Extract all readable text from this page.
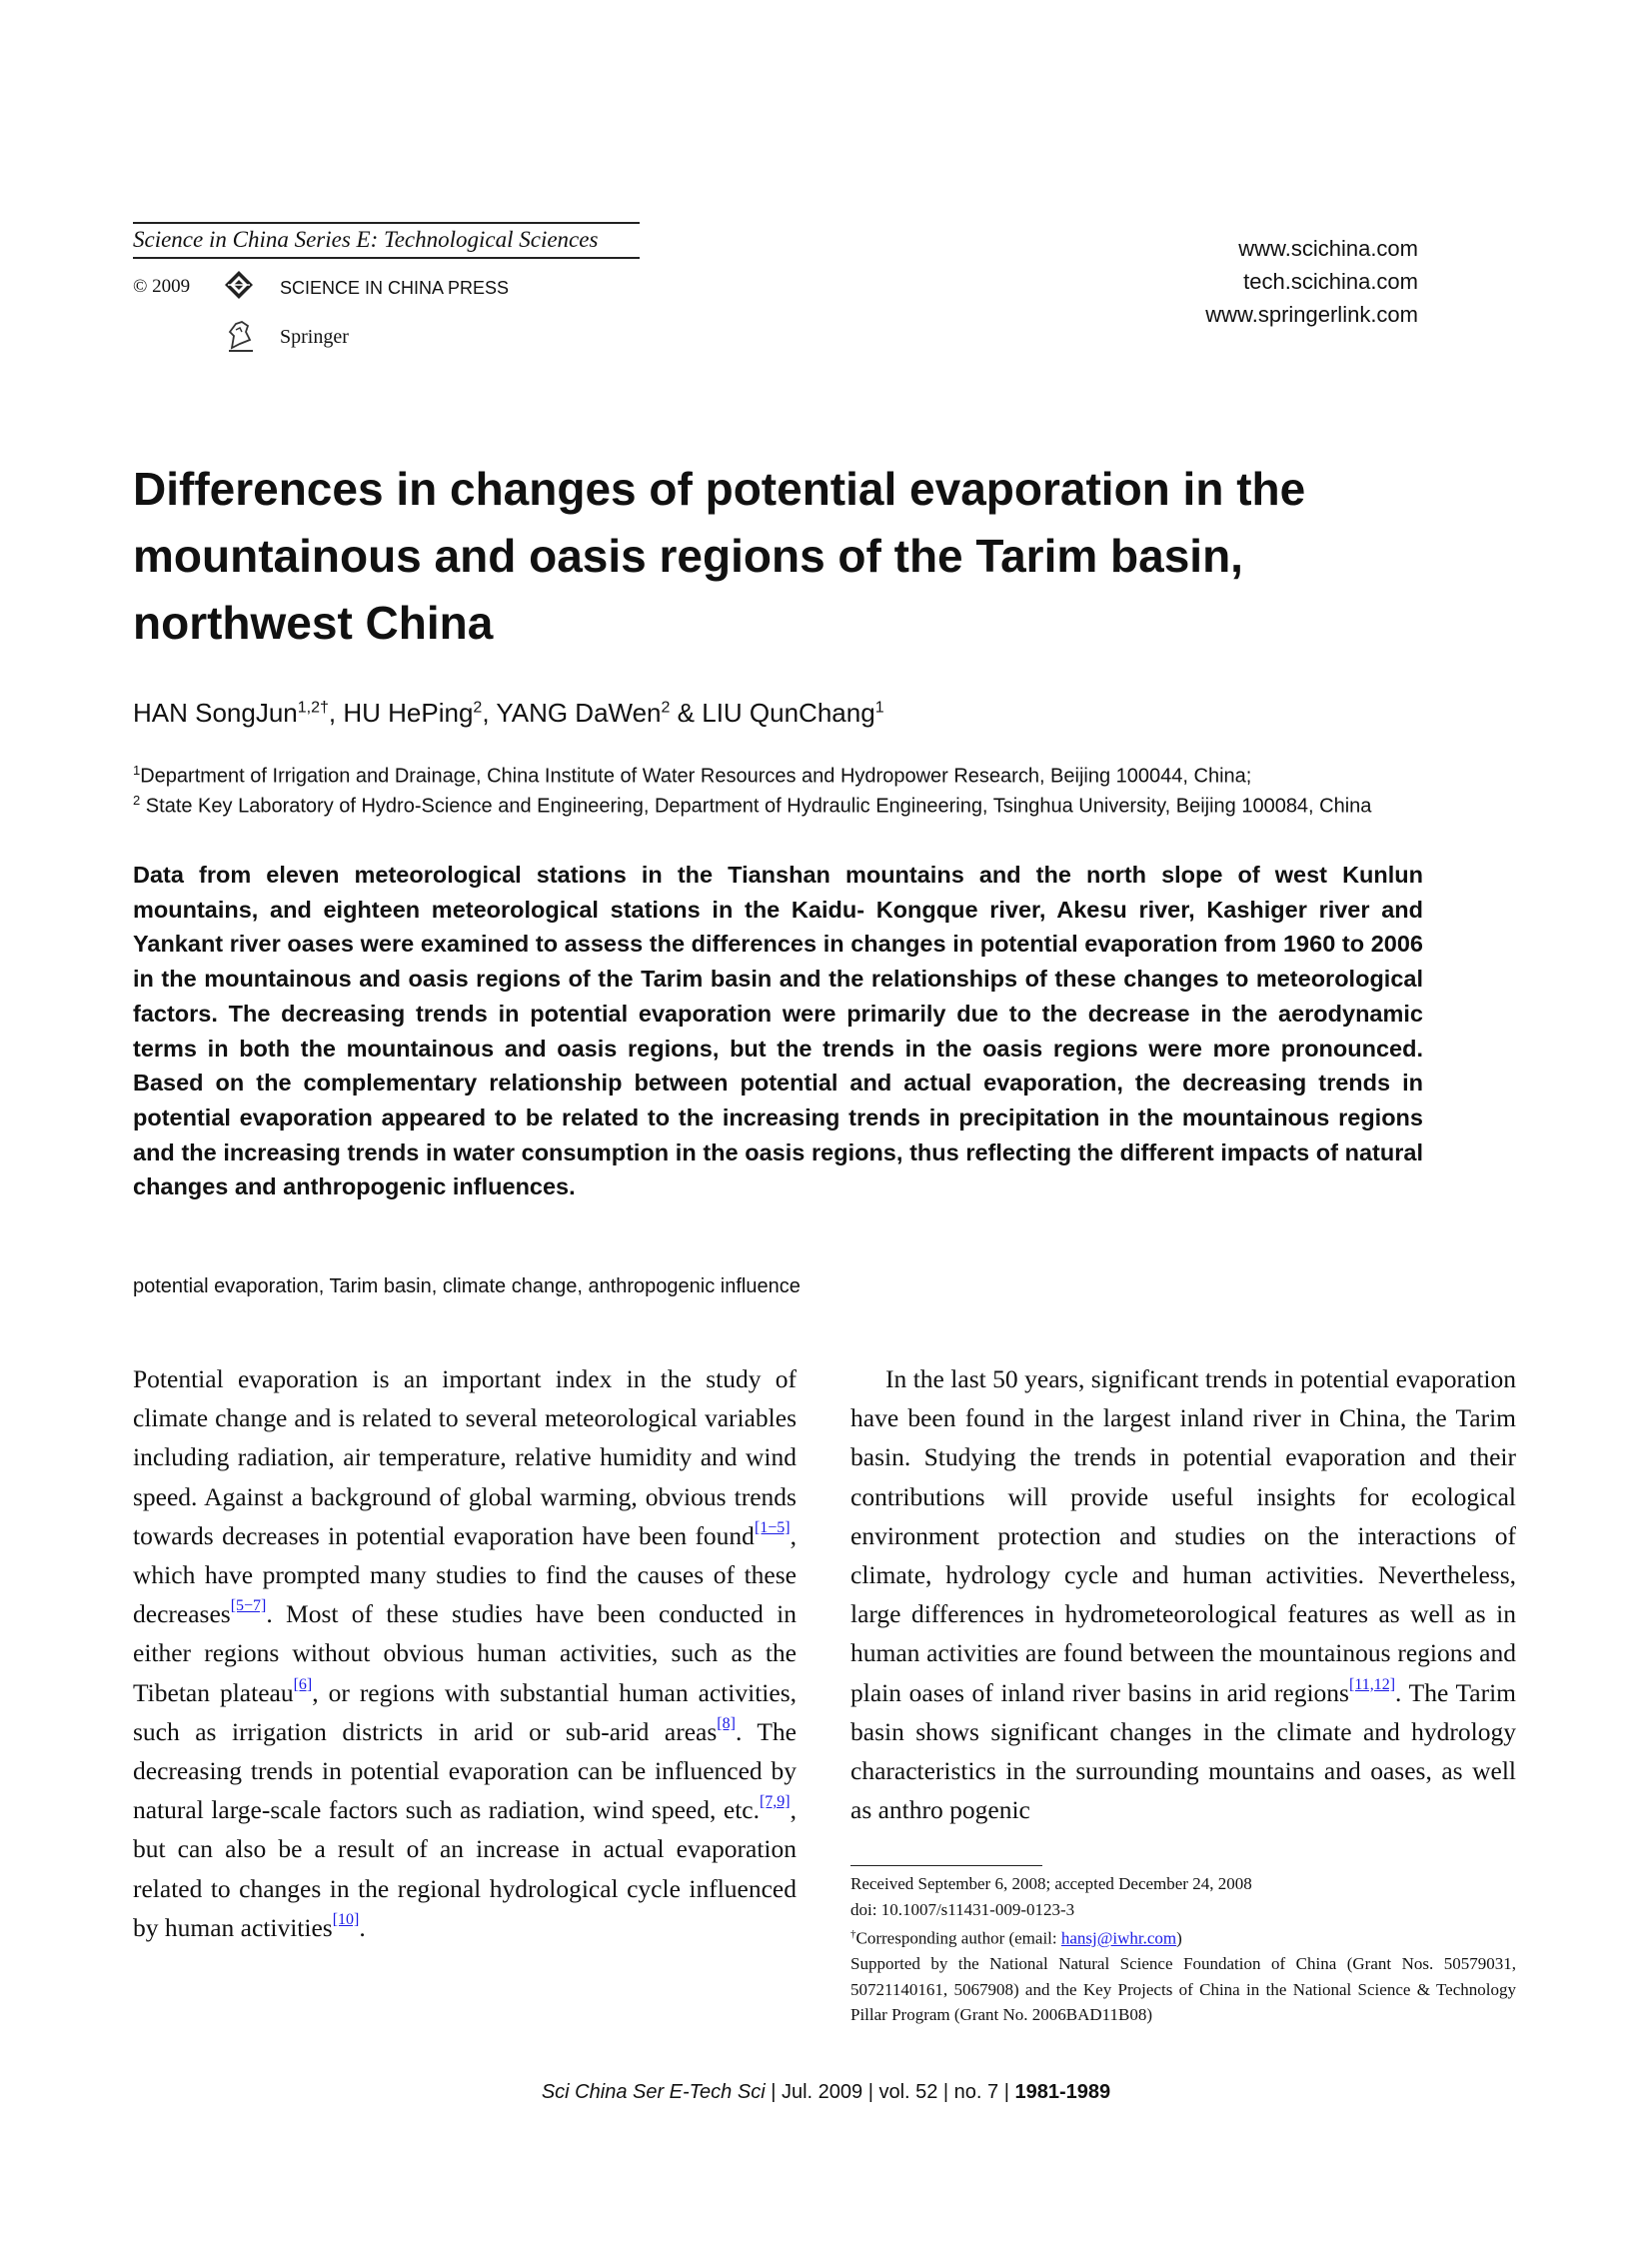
Science in China Series E: Technological Sciences
© 2009	SCIENCE IN CHINA PRESS
Springer
www.scichina.com
tech.scichina.com
www.springerlink.com
Differences in changes of potential evaporation in the mountainous and oasis regions of the Tarim basin, northwest China
HAN SongJun$^{1,2\dagger}$, HU HePing$^2$, YANG DaWen$^2$ & LIU QunChang$^1$
$^1$Department of Irrigation and Drainage, China Institute of Water Resources and Hydropower Research, Beijing 100044, China;
$^2$ State Key Laboratory of Hydro-Science and Engineering, Department of Hydraulic Engineering, Tsinghua University, Beijing 100084, China
Data from eleven meteorological stations in the Tianshan mountains and the north slope of west Kunlun mountains, and eighteen meteorological stations in the Kaidu- Kongque river, Akesu river, Kashiger river and Yankant river oases were examined to assess the differences in changes in potential evaporation from 1960 to 2006 in the mountainous and oasis regions of the Tarim basin and the relationships of these changes to meteorological factors. The decreasing trends in potential evaporation were primarily due to the decrease in the aerodynamic terms in both the mountainous and oasis regions, but the trends in the oasis regions were more pronounced. Based on the complementary relationship between potential and actual evaporation, the decreasing trends in potential evaporation appeared to be related to the increasing trends in precipitation in the mountainous regions and the increasing trends in water consumption in the oasis regions, thus reflecting the different impacts of natural changes and anthropogenic influences.
potential evaporation, Tarim basin, climate change, anthropogenic influence
Potential evaporation is an important index in the study of climate change and is related to several meteorological variables including radiation, air temperature, relative humidity and wind speed. Against a background of global warming, obvious trends towards decreases in potential evaporation have been found[1−5], which have prompted many studies to find the causes of these decreases[5−7]. Most of these studies have been conducted in either regions without obvious human activities, such as the Tibetan plateau[6], or regions with substantial human activities, such as irrigation districts in arid or sub-arid areas[8]. The decreasing trends in potential evaporation can be influenced by natural large-scale factors such as radiation, wind speed, etc.[7,9], but can also be a result of an increase in actual evaporation related to changes in the regional hydrological cycle influenced by human activities[10].
In the last 50 years, significant trends in potential evaporation have been found in the largest inland river in China, the Tarim basin. Studying the trends in potential evaporation and their contributions will provide useful insights for ecological environment protection and studies on the interactions of climate, hydrology cycle and human activities. Nevertheless, large differences in hydrometeorological features as well as in human activities are found between the mountainous regions and plain oases of inland river basins in arid regions[11,12]. The Tarim basin shows significant changes in the climate and hydrology characteristics in the surrounding mountains and oases, as well as anthro pogenic
Received September 6, 2008; accepted December 24, 2008
doi: 10.1007/s11431-009-0123-3
†Corresponding author (email: hansj@iwhr.com)
Supported by the National Natural Science Foundation of China (Grant Nos. 50579031, 50721140161, 5067908) and the Key Projects of China in the National Science & Technology Pillar Program (Grant No. 2006BAD11B08)
Sci China Ser E-Tech Sci | Jul. 2009 | vol. 52 | no. 7 | 1981-1989
